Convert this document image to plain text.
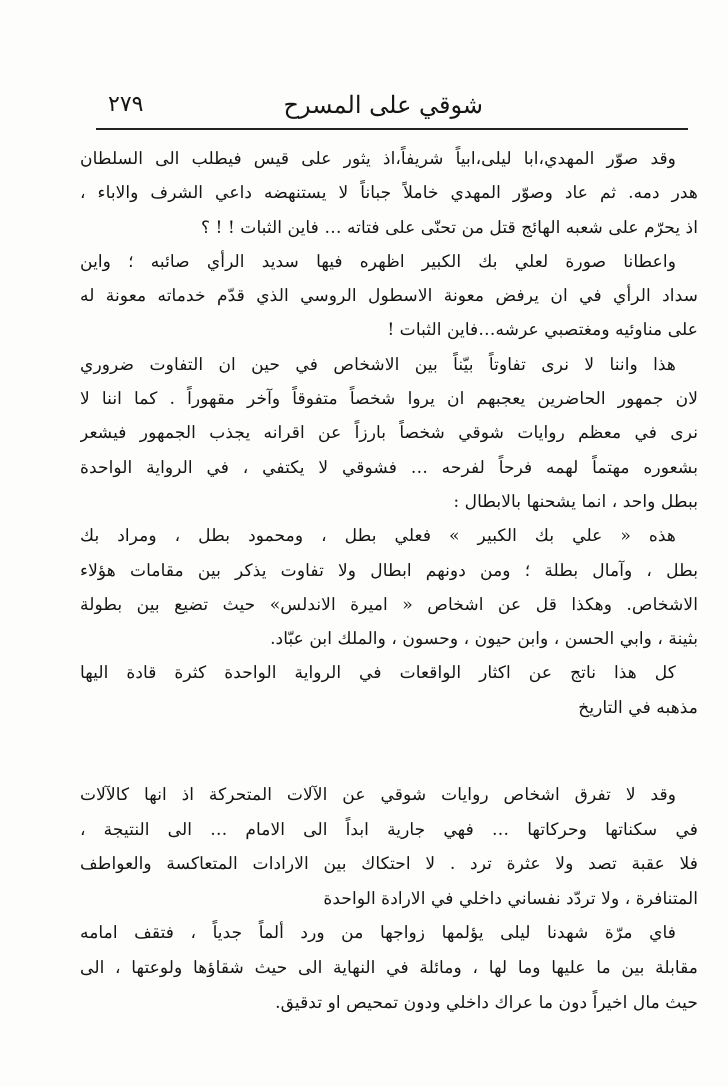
شوقي على المسرح
٢٧٩
وقد صوّر المهدي،ابا ليلى،ابياً شريفاً،اذ يثور على قيس فيطلب الى السلطان
هدر دمه. ثم عاد وصوّر المهدي خاملاً جباناً لا يستنهضه داعي الشرف والاباء ،
اذ يحرّم على شعبه الهائج قتل من تحنّى على فتاته … فاين الثبات ! ! ؟
واعطانا صورة لعلي بك الكبير اظهره فيها سديد الرأي صائبه ؛ واين
سداد الرأي في ان يرفض معونة الاسطول الروسي الذي قدّم خدماته معونة له
على مناوئيه ومغتصبي عرشه…فاين الثبات !
هذا واننا لا نرى تفاوتاً بيّناً بين الاشخاص في حين ان التفاوت ضروري
لان جمهور الحاضرين يعجبهم ان يروا شخصاً متفوقاً وآخر مقهوراً . كما اننا لا
نرى في معظم روايات شوقي شخصاً بارزاً عن اقرانه يجذب الجمهور فيشعر
بشعوره مهتماً لهمه فرحاً لفرحه … فشوقي لا يكتفي ، في الرواية الواحدة
ببطل واحد ، انما يشحنها بالابطال :
هذه « علي بك الكبير » فعلي بطل ، ومحمود بطل ، ومراد بك
بطل ، وآمال بطلة ؛ ومن دونهم ابطال ولا تفاوت يذكر بين مقامات هؤلاء
الاشخاص. وهكذا قل عن اشخاص « اميرة الاندلس» حيث تضيع بين بطولة
بثينة ، وابي الحسن ، وابن حيون ، وحسون ، والملك ابن عبّاد.
كل هذا ناتج عن اكثار الواقعات في الرواية الواحدة كثرة قادة اليها
مذهبه في التاريخ
وقد لا تفرق اشخاص روايات شوقي عن الآلات المتحركة اذ انها كالآلات
في سكناتها وحركاتها … فهي جارية ابداً الى الامام … الى النتيجة ،
فلا عقبة تصد ولا عثرة ترد . لا احتكاك بين الارادات المتعاكسة والعواطف
المتنافرة ، ولا تردّد نفساني داخلي في الارادة الواحدة
فاي مرّة شهدنا ليلى يؤلمها زواجها من ورد ألماً جدياً ، فتقف امامه
مقابلة بين ما عليها وما لها ، ومائلة في النهاية الى حيث شقاؤها ولوعتها ، الى
حيث مال اخيراً دون ما عراك داخلي ودون تمحيص او تدقيق.
